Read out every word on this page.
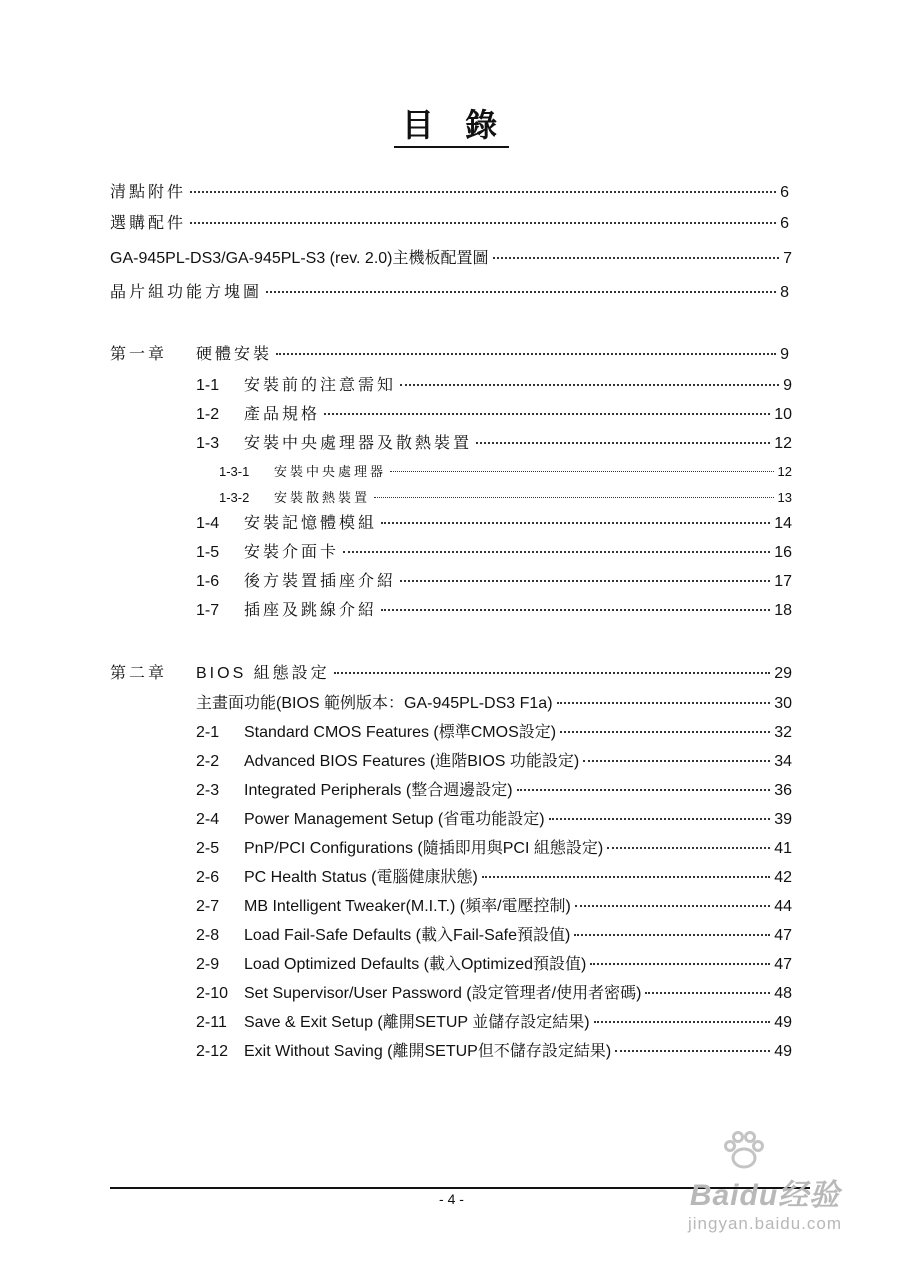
目 錄
清點附件	6
選購配件	6
GA-945PL-DS3/GA-945PL-S3 (rev. 2.0)主機板配置圖	7
晶片組功能方塊圖	8
第一章	硬體安裝	9
1-1	安裝前的注意需知	9
1-2	產品規格	10
1-3	安裝中央處理器及散熱裝置	12
1-3-1	安裝中央處理器	12
1-3-2	安裝散熱裝置	13
1-4	安裝記憶體模組	14
1-5	安裝介面卡	16
1-6	後方裝置插座介紹	17
1-7	插座及跳線介紹	18
第二章	BIOS 組態設定	29
主畫面功能(BIOS 範例版本：GA-945PL-DS3 F1a)	30
2-1	Standard CMOS Features (標準CMOS設定)	32
2-2	Advanced BIOS Features (進階BIOS 功能設定)	34
2-3	Integrated Peripherals (整合週邊設定)	36
2-4	Power Management Setup (省電功能設定)	39
2-5	PnP/PCI Configurations (隨插即用與PCI 組態設定)	41
2-6	PC Health Status (電腦健康狀態)	42
2-7	MB Intelligent Tweaker(M.I.T.) (頻率/電壓控制)	44
2-8	Load Fail-Safe Defaults (載入Fail-Safe預設值)	47
2-9	Load Optimized Defaults (載入Optimized預設值)	47
2-10 Set Supervisor/User Password (設定管理者/使用者密碼)	48
2-11	Save & Exit Setup (離開SETUP 並儲存設定結果)	49
2-12 Exit Without Saving (離開SETUP但不儲存設定結果)	49
- 4 -	Baidu经验
jingyan.baidu.com
